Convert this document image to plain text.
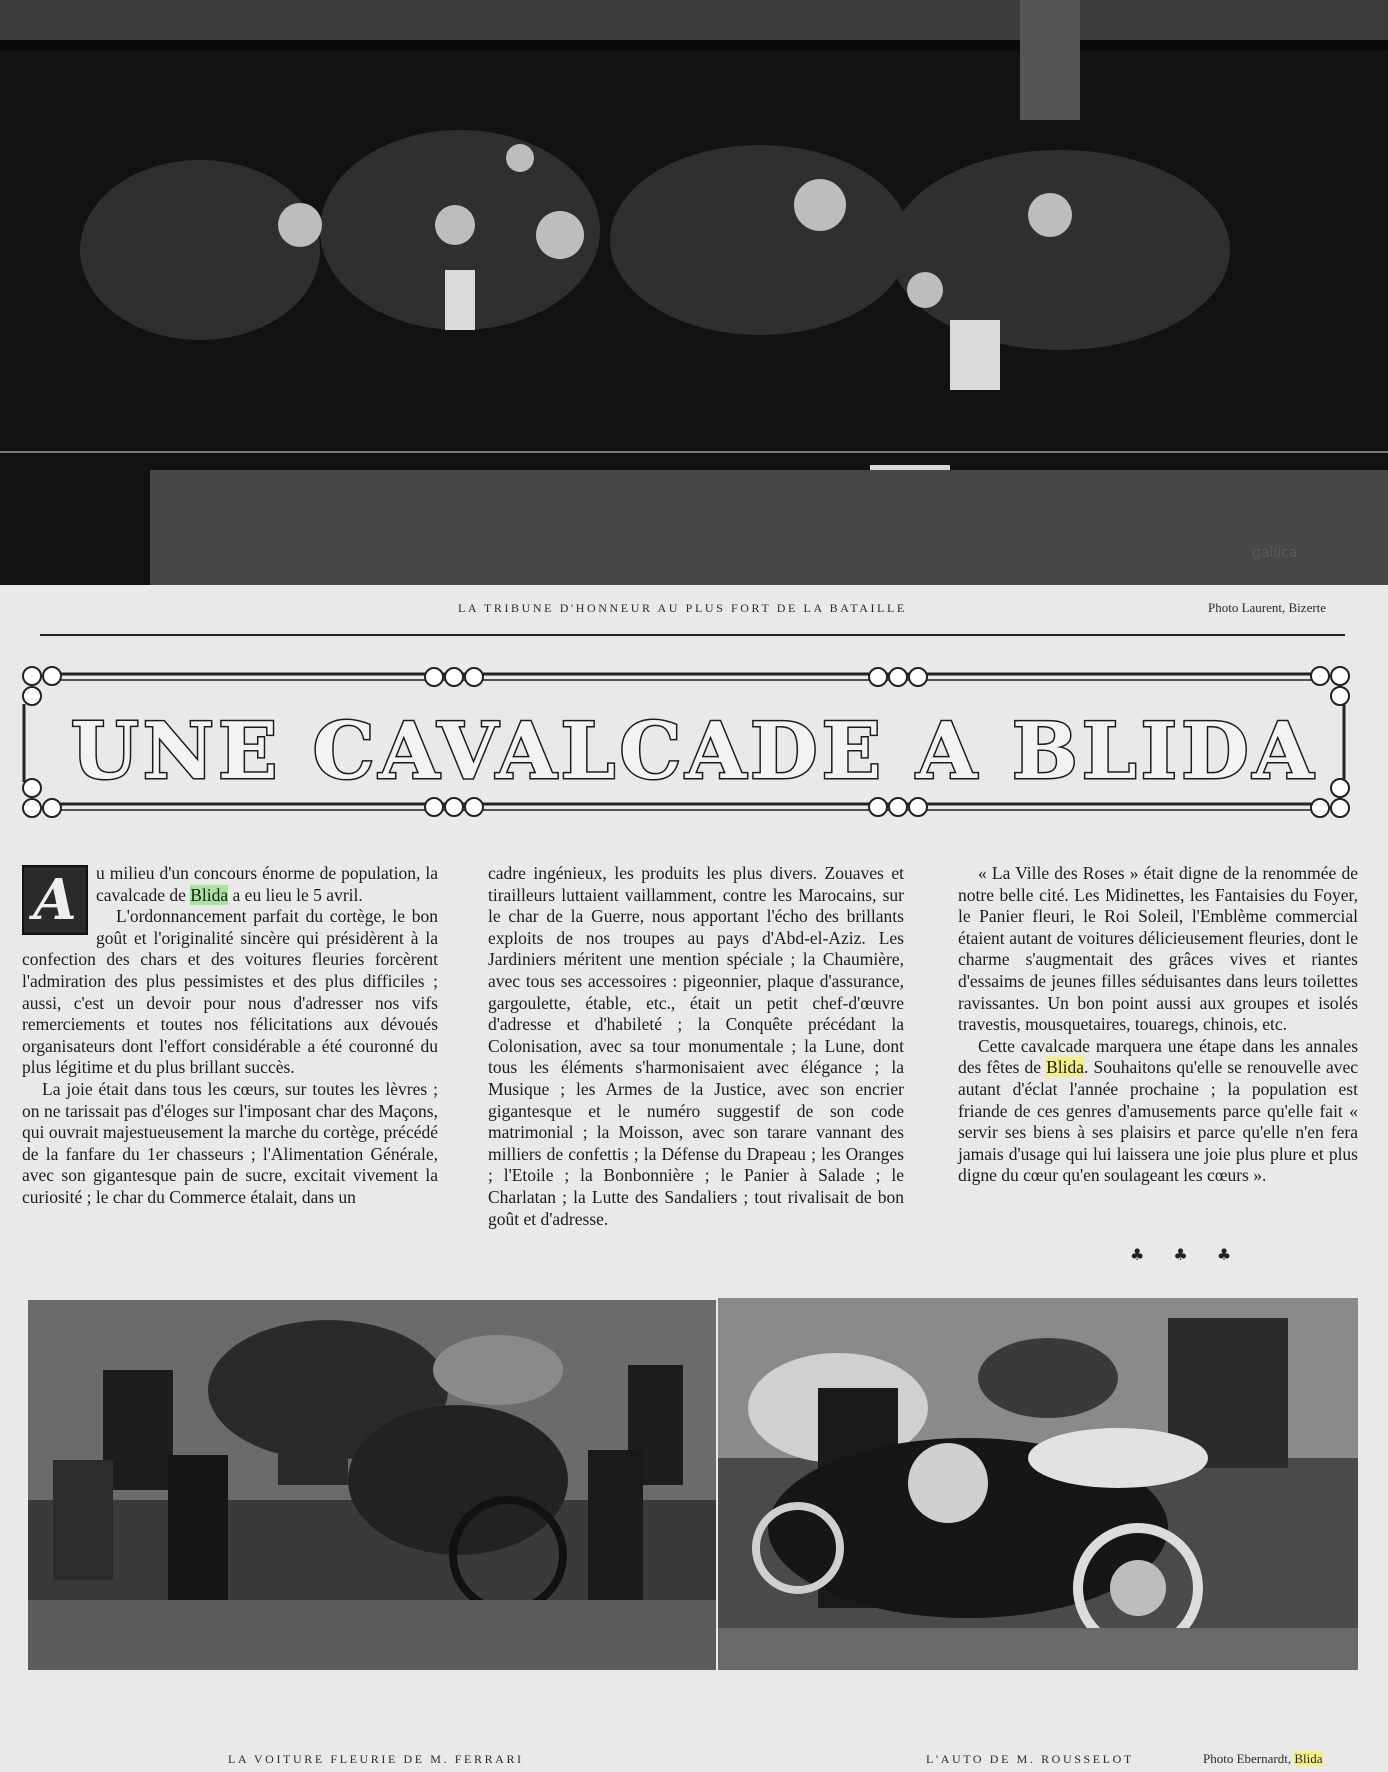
gallica
LA TRIBUNE D'HONNEUR AU PLUS FORT DE LA BATAILLE	Photo Laurent, Bizerte
UNE CAVALCADE A BLIDA

A	u milieu d'un concours énorme de population, la cavalcade de Blida a eu lieu le 5 avril.

L'ordonnancement parfait du cortège, le bon goût et l'originalité sincère qui présidèrent à la confection des chars et des voitures fleuries forcèrent l'admiration des plus pessimistes et des plus difficiles ; aussi, c'est un devoir pour nous d'adresser nos vifs remerciements et toutes nos félicitations aux dévoués organisateurs dont l'effort considérable a été couronné du plus légitime et du plus brillant succès.

La joie était dans tous les cœurs, sur toutes les lèvres ; on ne tarissait pas d'éloges sur l'imposant char des Maçons, qui ouvrait majestueusement la marche du cortège, précédé de la fanfare du 1er chasseurs ; l'Alimentation Générale, avec son gigantesque pain de sucre, excitait vivement la curiosité ; le char du Commerce étalait, dans un

cadre ingénieux, les produits les plus divers. Zouaves et tirailleurs luttaient vaillamment, contre les Marocains, sur le char de la Guerre, nous apportant l'écho des brillants exploits de nos troupes au pays d'Abd-el-Aziz. Les Jardiniers méritent une mention spéciale ; la Chaumière, avec tous ses accessoires : pigeonnier, plaque d'assurance, gargoulette, étable, etc., était un petit chef-d'œuvre d'adresse et d'habileté ; la Conquête précédant la Colonisation, avec sa tour monumentale ; la Lune, dont tous les éléments s'harmonisaient avec élégance ; la Musique ; les Armes de la Justice, avec son encrier gigantesque et le numéro suggestif de son code matrimonial ; la Moisson, avec son tarare vannant des milliers de confettis ; la Défense du Drapeau ; les Oranges ; l'Etoile ; la Bonbonnière ; le Panier à Salade ; le Charlatan ; la Lutte des Sandaliers ; tout rivalisait de bon goût et d'adresse.

« La Ville des Roses » était digne de la renommée de notre belle cité. Les Midinettes, les Fantaisies du Foyer, le Panier fleuri, le Roi Soleil, l'Emblème commercial étaient autant de voitures délicieusement fleuries, dont le charme s'augmentait des grâces vives et riantes d'essaims de jeunes filles séduisantes dans leurs toilettes ravissantes. Un bon point aussi aux groupes et isolés travestis, mousquetaires, touaregs, chinois, etc.

Cette cavalcade marquera une étape dans les annales des fêtes de Blida. Souhaitons qu'elle se renouvelle avec autant d'éclat l'année prochaine ; la population est friande de ces genres d'amusements parce qu'elle fait « servir ses biens à ses plaisirs et parce qu'elle n'en fera jamais d'usage qui lui laissera une joie plus plure et plus digne du cœur qu'en soulageant les cœurs ».

♣ ♣ ♣
LA VOITURE FLEURIE DE M. FERRARI	L'AUTO DE M. ROUSSELOT	Photo Ebernardt, Blida
